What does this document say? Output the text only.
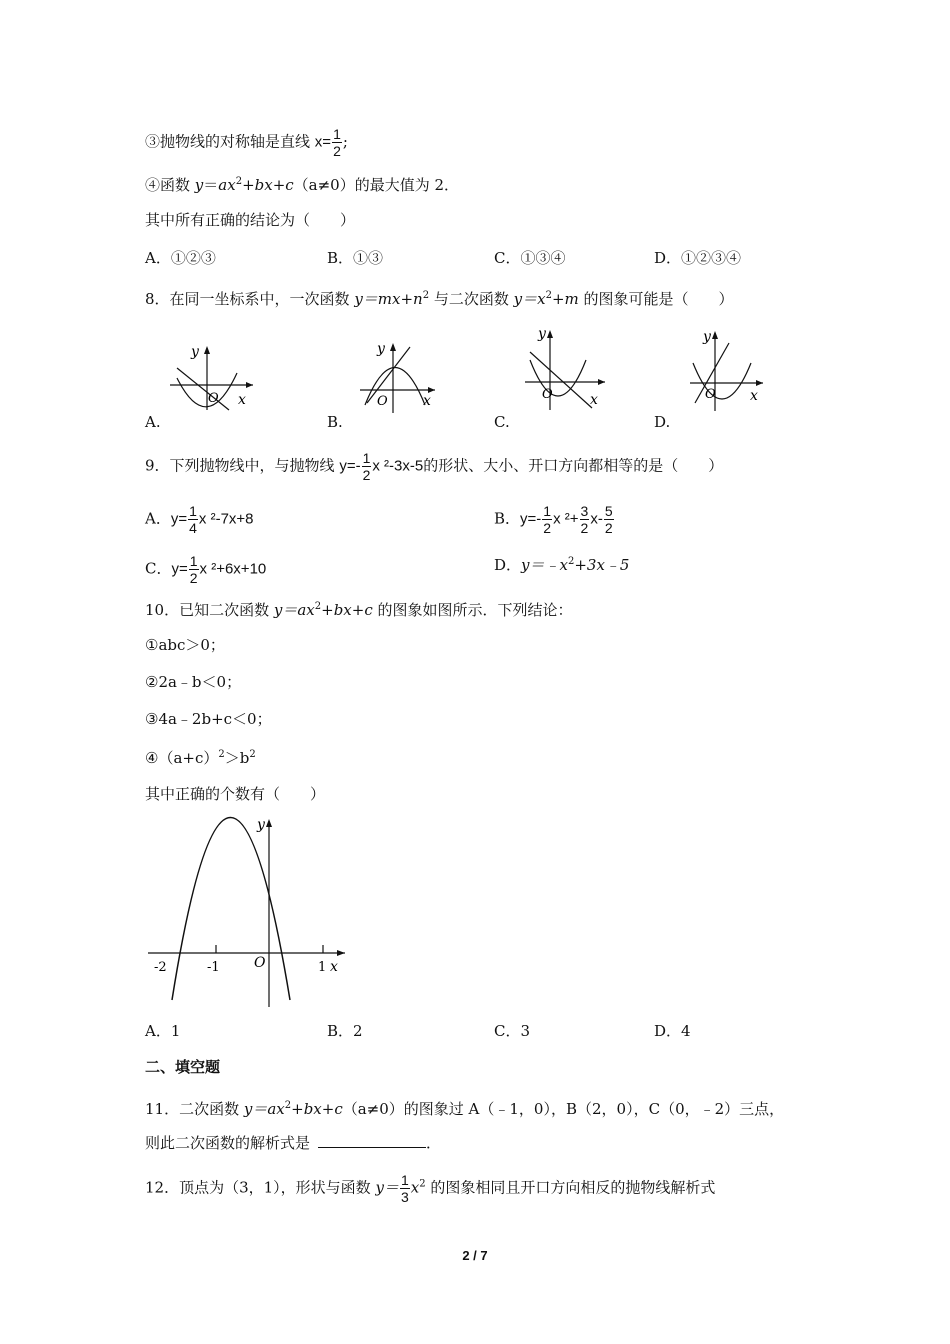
③抛物线的对称轴是直线 $x= \frac{1}{2}$ ;
④函数 $y=ax^2+bx+c(a\ne 0)$的最大值为 2．
其中所有正确的结论为（　　）
A．①②③	B．①③	C．①③④	D．①②③④
8．在同一坐标系中，一次函数 $y=mx+n^2$ 与二次函数 $y=x^2+m$ 的图象可能是（　　）
y
x
O
A.
y
x
O
B.
y
x
O
C.
y
x
O
D.
9．下列抛物线中，与抛物线 $y=- \frac{1}{2}$ x ²-3x-5的形状、大小、开口方向都相等的是（　　）
A．$y= \frac{1}{4}$ x ²-7x+8	B．$y=- \frac{1}{2}$ x $^2+ \frac{3}{2} x- \frac{5}{2}$
C．$y= \frac{1}{2}$ x ²+6x+10	D．$y=﹣x^2+3x﹣5$
10．已知二次函数 $y=ax^2+bx+c$ 的图象如图所示．下列结论：
①abc＞0；
②2a﹣b＜0；
③4a﹣2b+c＜0；
$④(a+c)^2>b^2$
其中正确的个数有（　　）
y
x
O
-2	-1	1
A．1	B．2	C．3	D．4
二、填空题
11．二次函数 $y=ax^2+bx+c(a\ne 0)$的图象过 A（﹣1，0），B（2，0），C（0，﹣2）三点，
则此二次函数的解析式是	．
12．顶点为（3，1），形状与函数 $y= \frac{1}{3} x^2$ 的图象相同且开口方向相反的抛物线解析式
2 / 7
